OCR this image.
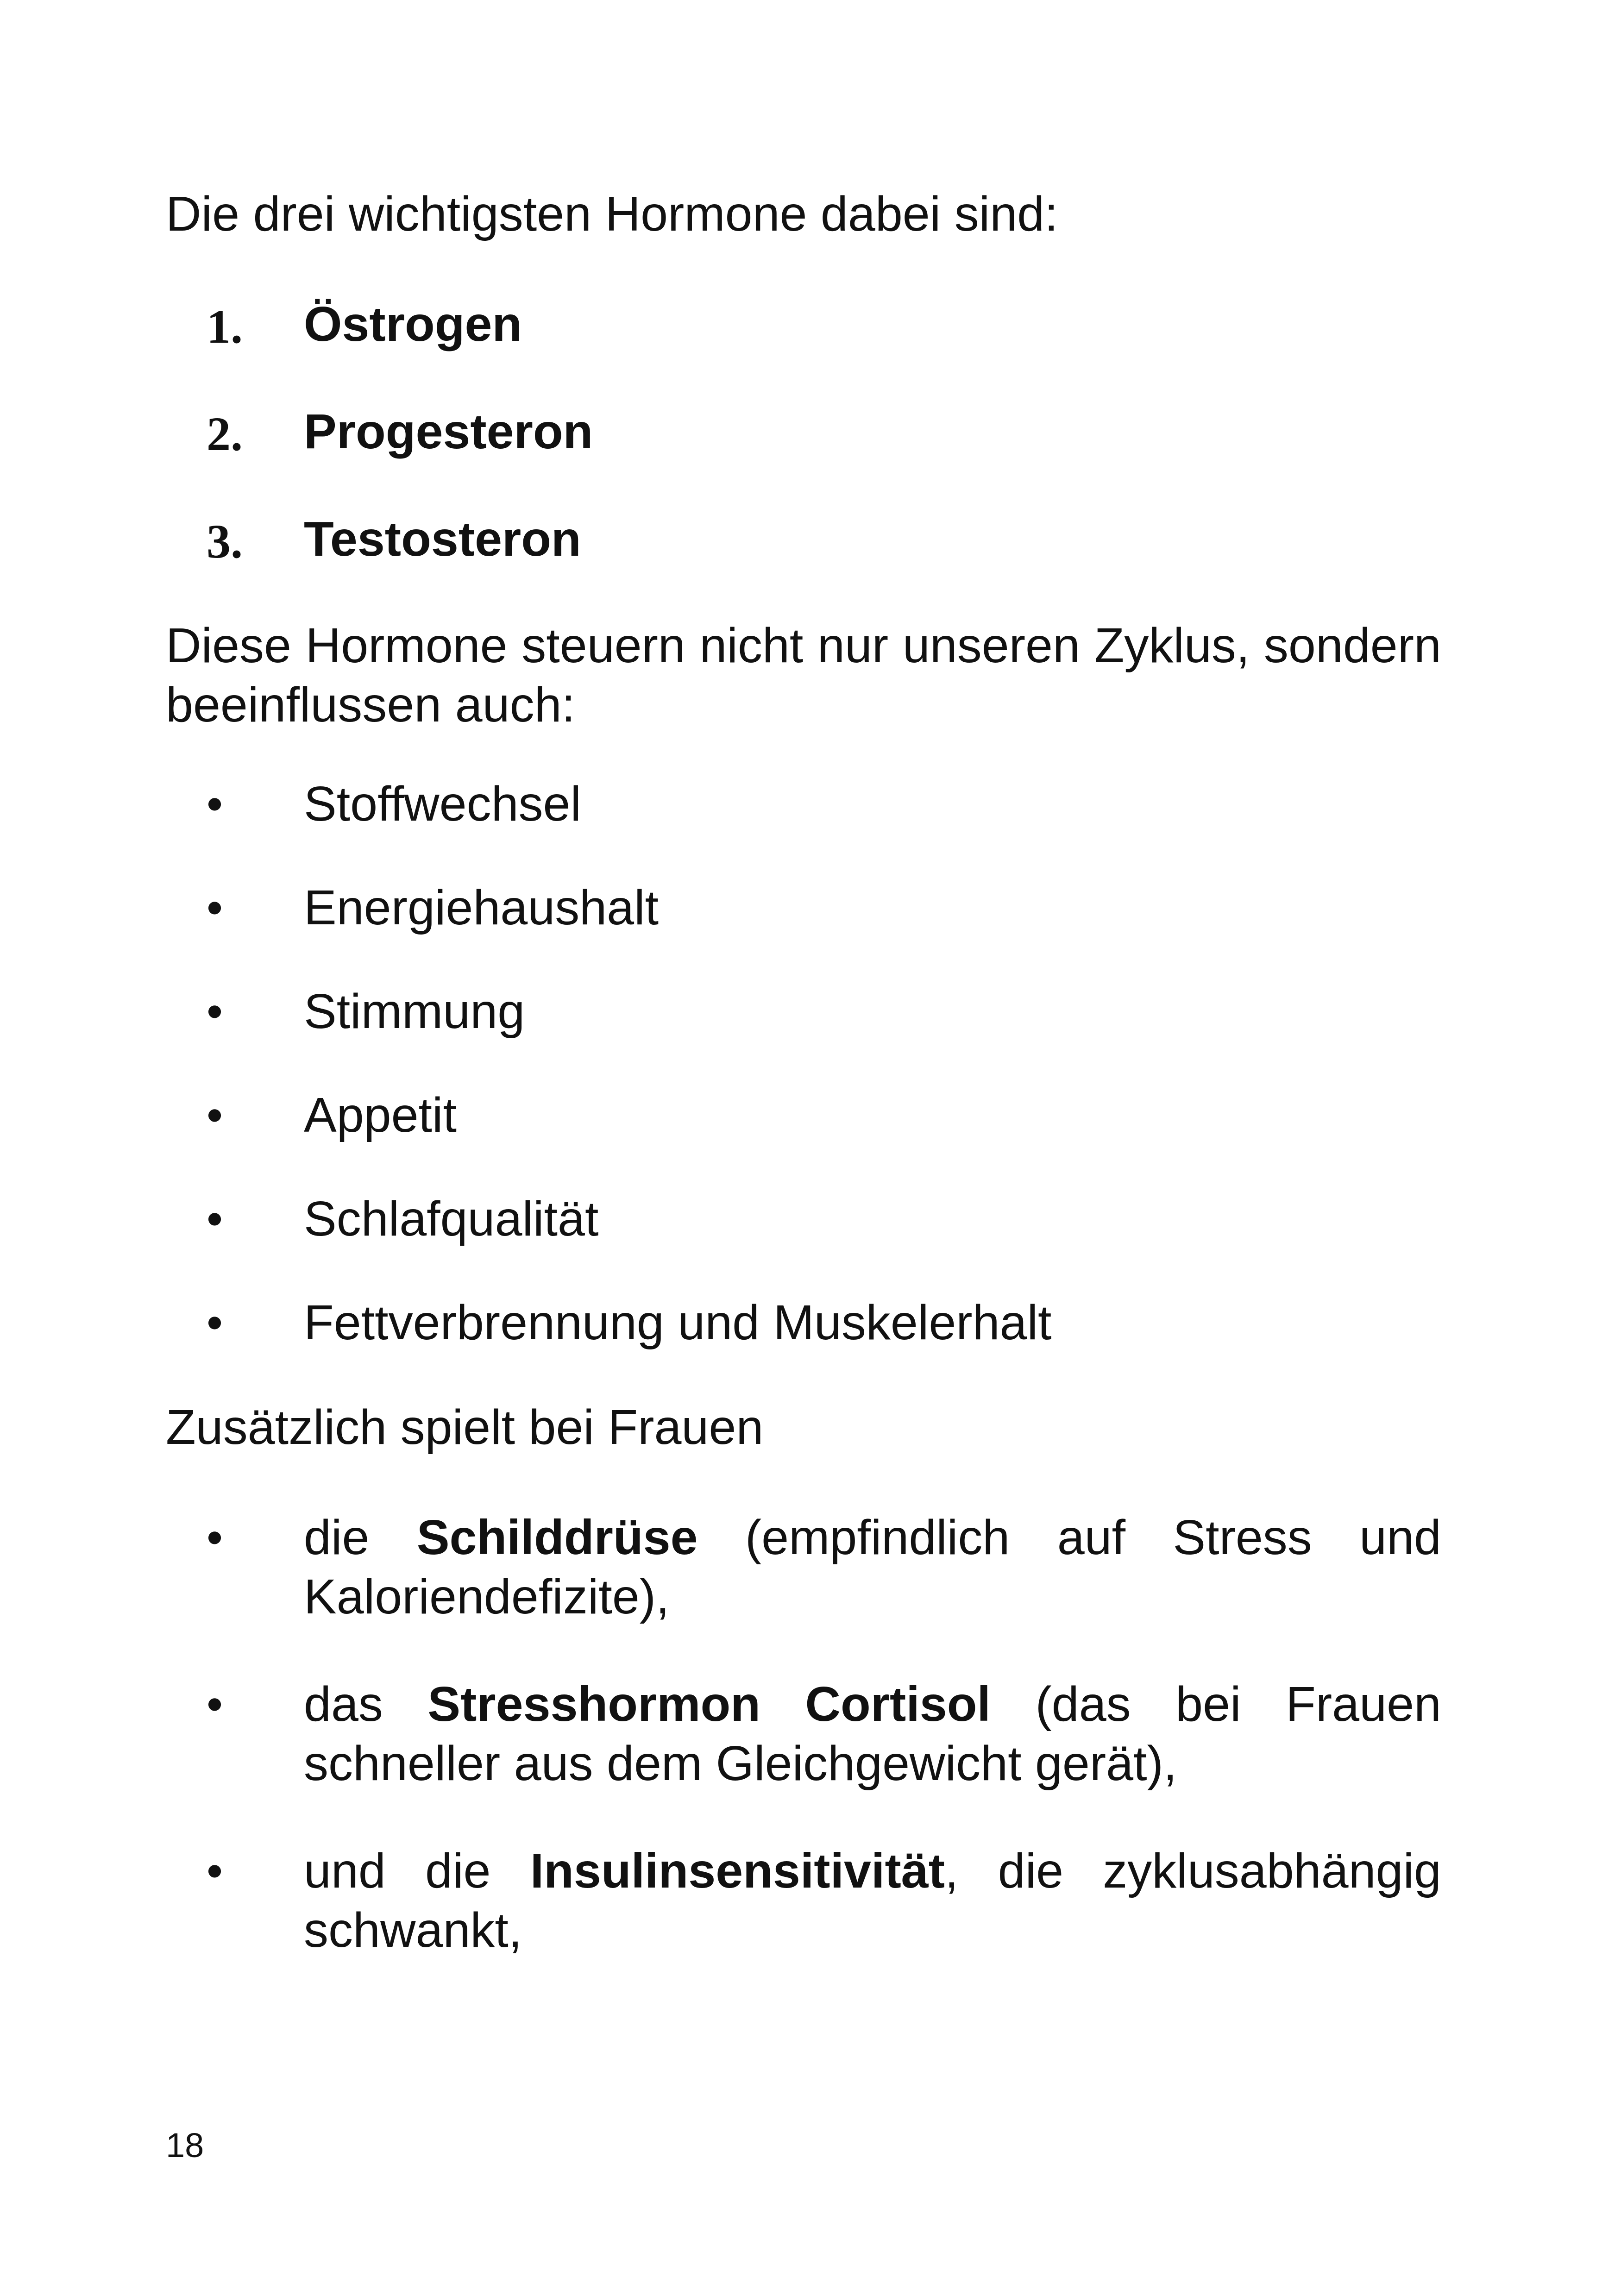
Die drei wichtigsten Hormone dabei sind:

1. Östrogen
2. Progesteron
3. Testosteron

Diese Hormone steuern nicht nur unseren Zyklus, sondern beeinflussen auch:

• Stoffwechsel
• Energiehaushalt
• Stimmung
• Appetit
• Schlafqualität
• Fettverbrennung und Muskelerhalt

Zusätzlich spielt bei Frauen

• die Schilddrüse (empfindlich auf Stress und Kaloriendefizite),

• das Stresshormon Cortisol (das bei Frauen schneller aus dem Gleichgewicht gerät),

• und die Insulinsensitivität, die zyklusabhängig schwankt,

18
